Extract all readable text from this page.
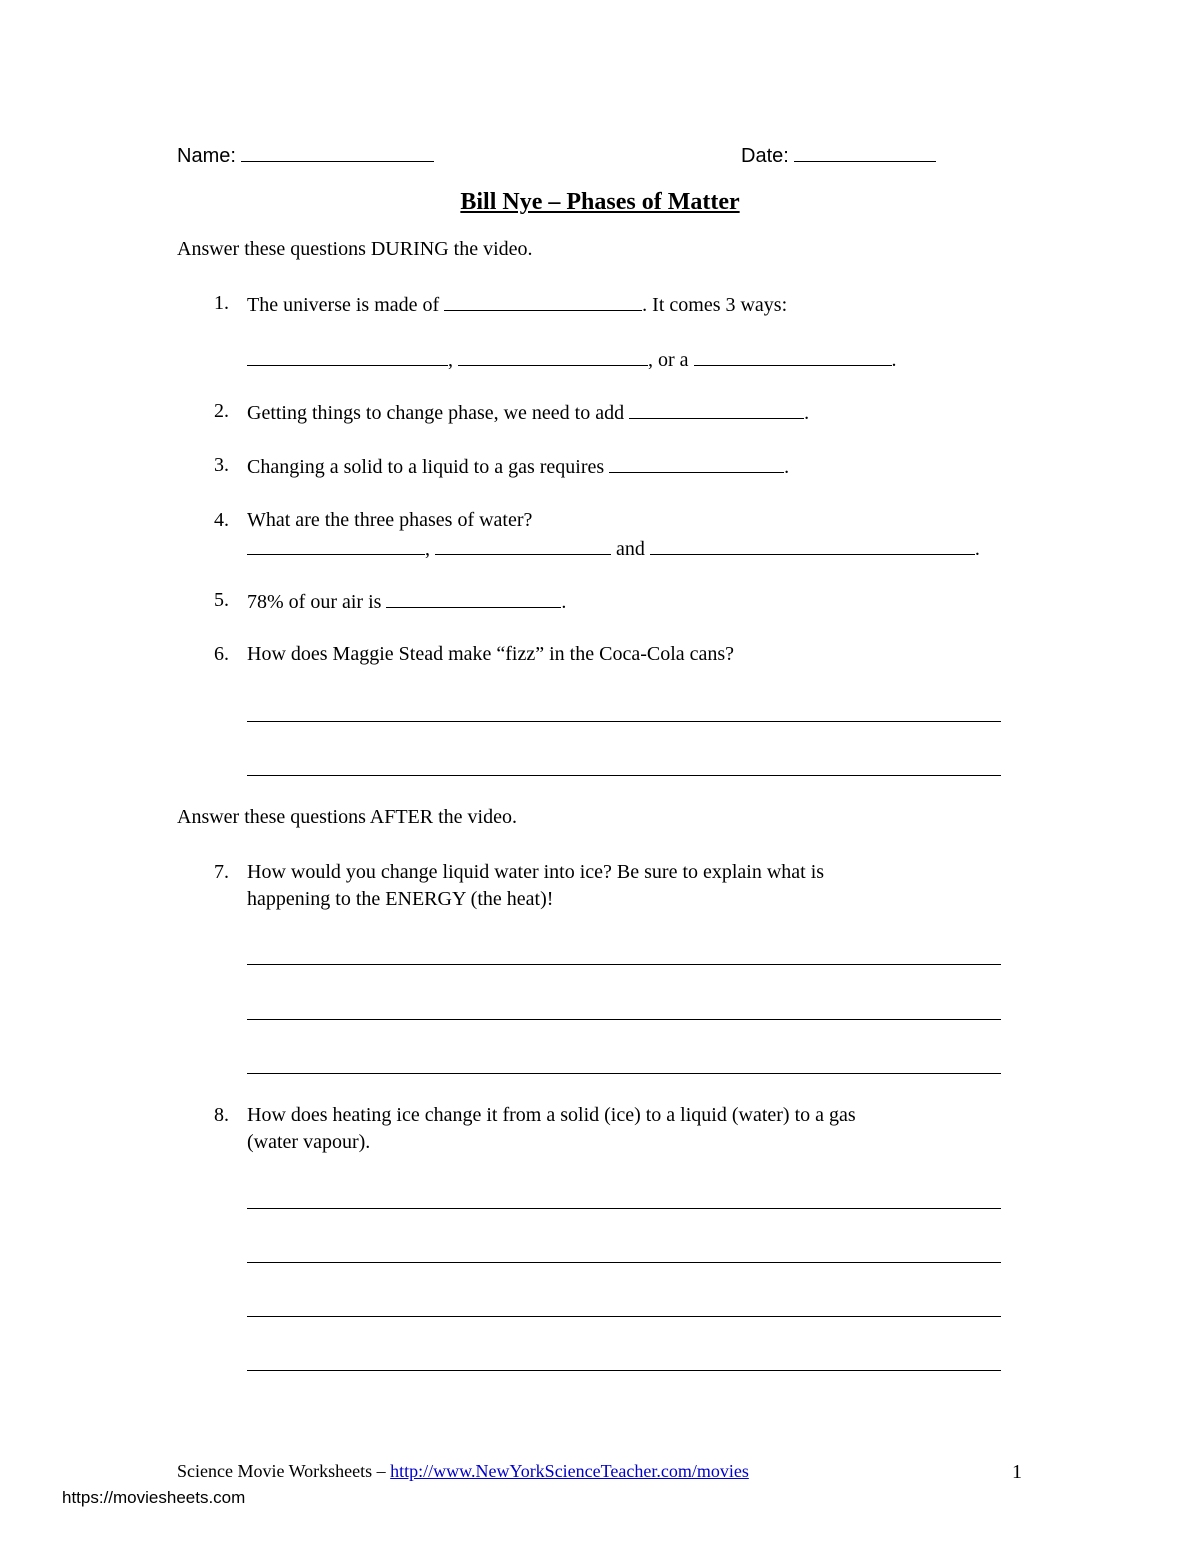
Name:	Date:
Bill Nye – Phases of Matter
Answer these questions DURING the video.
1. The universe is made of	. It comes 3 ways:
,	, or a	.
2. Getting things to change phase, we need to add	.
3. Changing a solid to a liquid to a gas requires	.
4. What are the three phases of water?
,	and	.
5. 78% of our air is	.
6. How does Maggie Stead make “fizz” in the Coca-Cola cans?
Answer these questions AFTER the video.
7. How would you change liquid water into ice? Be sure to explain what is
happening to the ENERGY (the heat)!
8. How does heating ice change it from a solid (ice) to a liquid (water) to a gas
(water vapour).
Science Movie Worksheets – http://www.NewYorkScienceTeacher.com/movies	1
https://moviesheets.com
